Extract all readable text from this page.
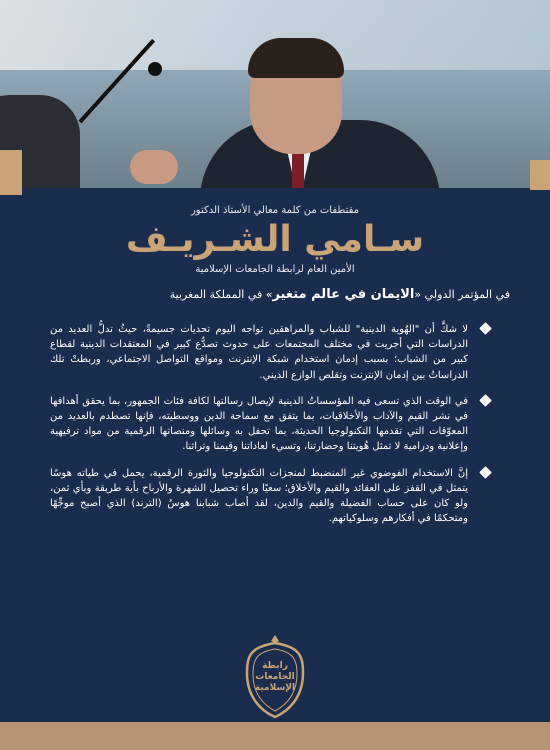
مقتطفات من كلمة معالي الأستاذ الدكتور

سـامي الشـريـف

الأمين العام لرابطة الجامعات الإسلامية

في المؤتمر الدولي «الايمان في عالم متغير» في المملكة المغربية

لا شكَّ أن "الهُوية الدينية" للشباب والمراهقين تواجه اليوم تحديات جسيمةً، حيثُ تدلُّ العديد من الدراسات التي أجريت في مختلف المجتمعات على حدوث تصدُّع كبير في المعتقدات الدينية لقطاع كبير من الشباب؛ بسبب إدمان استخدام شبكة الإنترنت ومواقع التواصل الاجتماعي، وربطتْ تلك الدراساتُ بين إدمان الإنترنت وتقلص الوازع الديني.
في الوقت الذي تسعى فيه المؤسساتُ الدينية لإيصال رسالتها لكافة فئات الجمهور، بما يحقق أهدافها في نشر القيم والآداب والأخلاقيات، بما يتفق مع سماحة الدين ووسطيته، فإنها تصطدم بالعديد من المعوّقات التي تقدمها التكنولوجيا الحديثة، بما تحفل به وسائلها ومنصاتها الرقمية من مواد ترفيهية وإعلانية ودرامية لا تمثل هُويتنا وحضارتنا، وتسيء لعاداتنا وقيمنا وتراثنا.
إنَّ الاستخدام الفوضوي غير المنضبط لمنجزات التكنولوجيا والثورة الرقمية، يحمل في طياته هوسًا يتمثل في القفز على العقائد والقيم والأخلاق؛ سعيًا وراء تحصيل الشهرة والأرباح بأية طريقة وبأي ثمن، ولو كان على حساب الفضيلة والقيم والدين، لقد أصاب شبابنا هوسُ (الترند) الذي أصبح موجِّهًا ومتحكمًا في أفكارهم وسلوكياتهم.
رابطة الجامعات الإسلامية
